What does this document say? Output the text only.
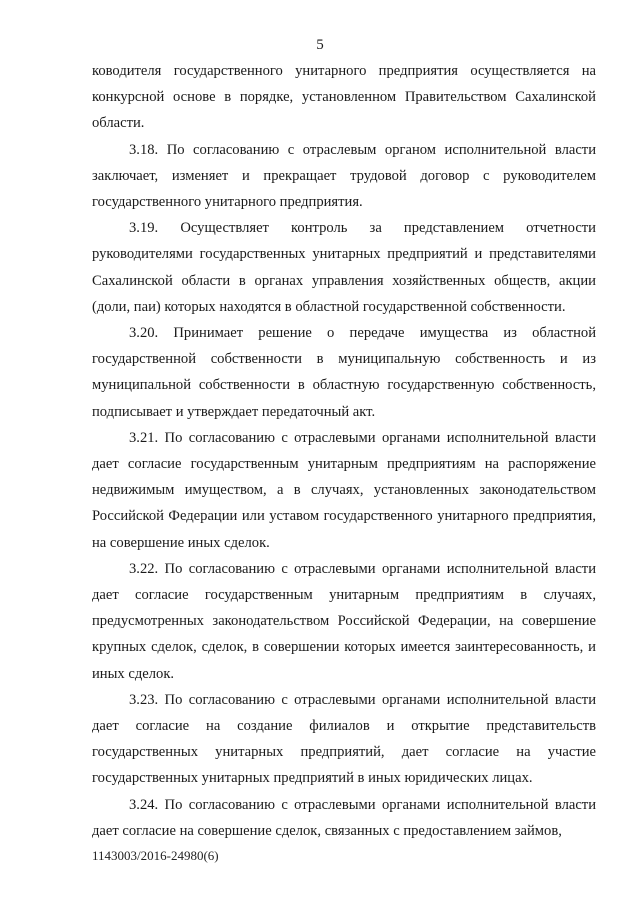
5

ководителя государственного унитарного предприятия осуществляется на конкурсной основе в порядке, установленном Правительством Сахалинской области.

3.18. По согласованию с отраслевым органом исполнительной власти заключает, изменяет и прекращает трудовой договор с руководителем государственного унитарного предприятия.

3.19. Осуществляет контроль за представлением отчетности руководителями государственных унитарных предприятий и представителями Сахалинской области в органах управления хозяйственных обществ, акции (доли, паи) которых находятся в областной государственной собственности.

3.20. Принимает решение о передаче имущества из областной государственной собственности в муниципальную собственность и из муниципальной собственности в областную государственную собственность, подписывает и утверждает передаточный акт.

3.21. По согласованию с отраслевыми органами исполнительной власти дает согласие государственным унитарным предприятиям на распоряжение недвижимым имуществом, а в случаях, установленных законодательством Российской Федерации или уставом государственного унитарного предприятия, на совершение иных сделок.

3.22. По согласованию с отраслевыми органами исполнительной власти дает согласие государственным унитарным предприятиям в случаях, предусмотренных законодательством Российской Федерации, на совершение крупных сделок, сделок, в совершении которых имеется заинтересованность, и иных сделок.

3.23. По согласованию с отраслевыми органами исполнительной власти дает согласие на создание филиалов и открытие представительств государственных унитарных предприятий, дает согласие на участие государственных унитарных предприятий в иных юридических лицах.

3.24. По согласованию с отраслевыми органами исполнительной власти дает согласие на совершение сделок, связанных с предоставлением займов,

1143003/2016-24980(6)
